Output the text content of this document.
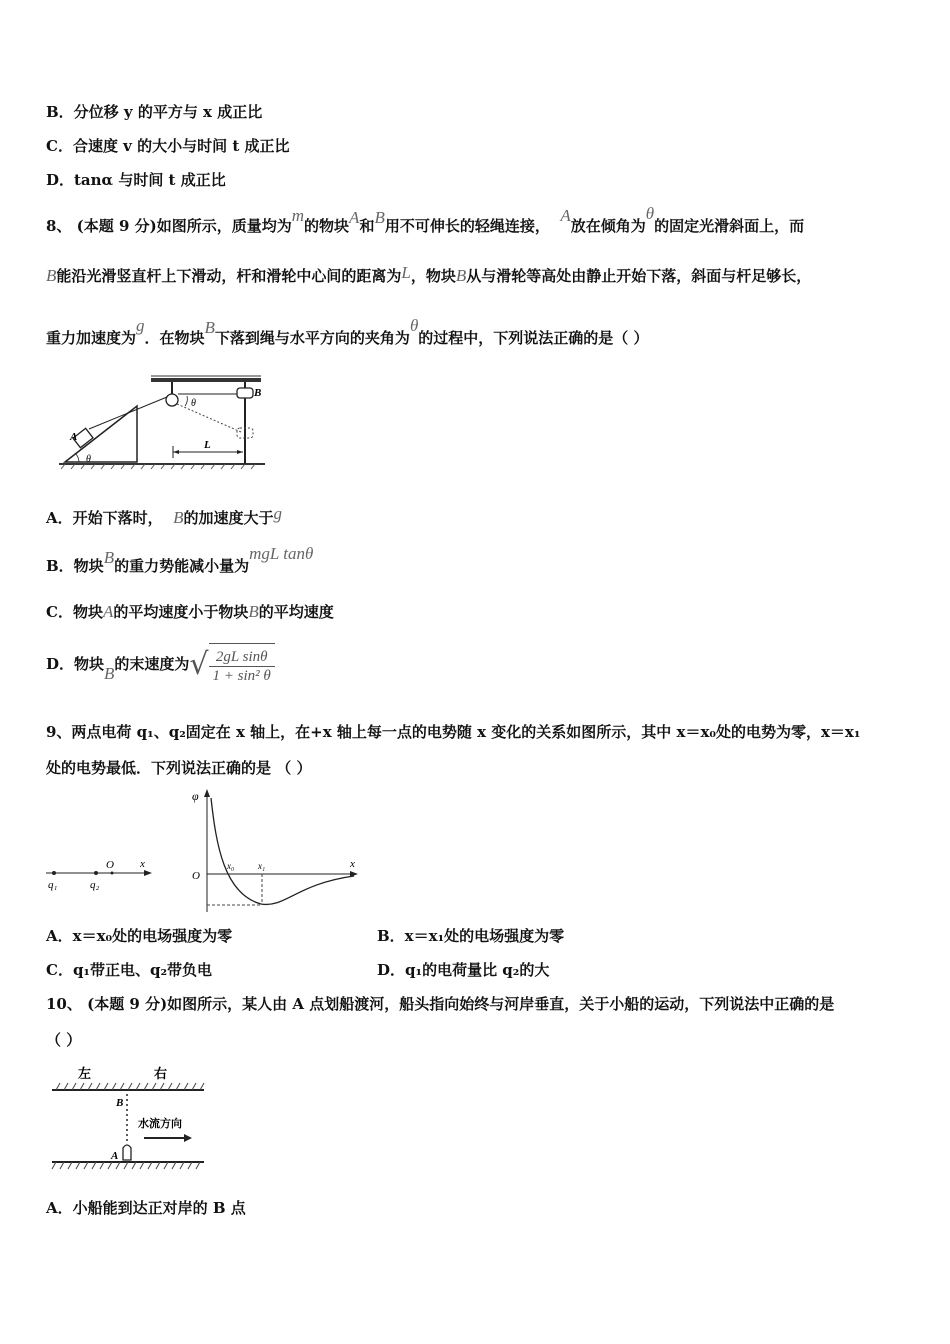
B．分位移 y 的平方与 x 成正比
C．合速度 v 的大小与时间 t 成正比
D．tanα 与时间 t 成正比
8、 (本题 9 分)如图所示，质量均为m的物块A和B用不可伸长的轻绳连接，  A放在倾角为θ的固定光滑斜面上，而
B能沿光滑竖直杆上下滑动，杆和滑轮中心间的距离为L，物块B从与滑轮等高处由静止开始下落，斜面与杆足够长，
重力加速度为g．在物块B下落到绳与水平方向的夹角为θ的过程中，下列说法正确的是（ ）
A
B
θ
θ
L
A．开始下落时， B的加速度大于g
B．物块B的重力势能减小量为mgL tanθ
C．物块A的平均速度小于物块B的平均速度
D．物块B的末速度为√ $\frac{\text{2gL sinθ}}{\text{1 + sin² θ}}$
9、两点电荷 q₁、q₂固定在 x 轴上，在+x 轴上每一点的电势随 x 变化的关系如图所示，其中 x＝x₀处的电势为零，x＝x₁
处的电势最低．下列说法正确的是 （ ）
x
O
q₁	q₂
φ
O
x₀	x₁	x
A．x＝x₀处的电场强度为零	B．x＝x₁处的电场强度为零
C．q₁带正电、q₂带负电	D．q₁的电荷量比 q₂的大
10、 (本题 9 分)如图所示，某人由 A 点划船渡河，船头指向始终与河岸垂直，关于小船的运动，下列说法中正确的是
（ ）
左	右
B
A
水流方向
A．小船能到达正对岸的 B 点
